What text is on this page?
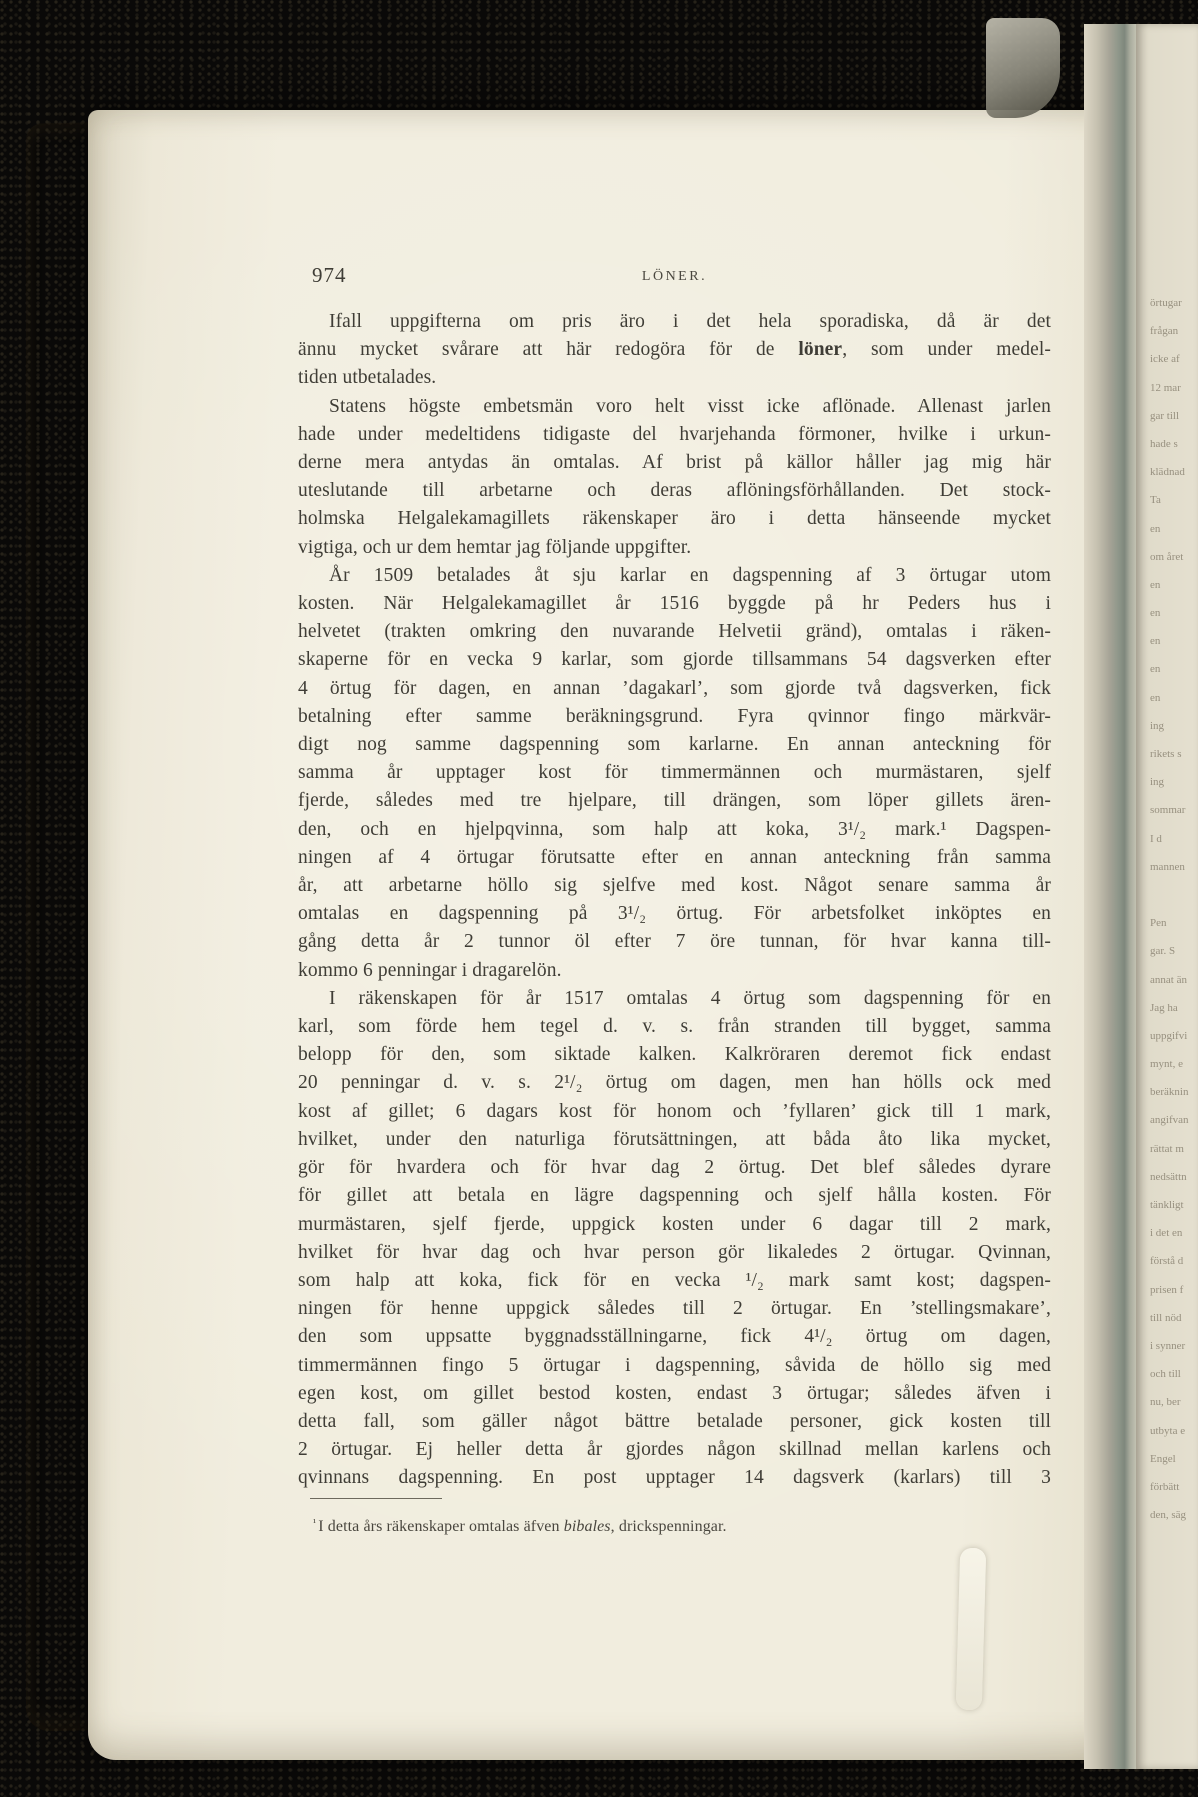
örtugar
frågan
icke af
12 mar
gar till
hade s
klädnad
Ta
en
om året
en
en
en
en
en
ing
rikets s
ing
sommar
I d
mannen
Pen
gar. S
annat än
Jag ha
uppgifvi
mynt, e
beräknin
angifvan
rättat m
nedsättn
tänkligt
i det en
förstå d
prisen f
till nöd
i synner
och till
nu, ber
utbyta e
Engel
förbätt
den, säg
974	LÖNER.
Ifall uppgifterna om pris äro i det hela sporadiska, då är det
ännu mycket svårare att här redogöra för de löner, som under medel-
tiden utbetalades.
Statens högste embetsmän voro helt visst icke aflönade. Allenast jarlen
hade under medeltidens tidigaste del hvarjehanda förmoner, hvilke i urkun-
derne mera antydas än omtalas. Af brist på källor håller jag mig här
uteslutande till arbetarne och deras aflöningsförhållanden. Det stock-
holmska Helgalekamagillets räkenskaper äro i detta hänseende mycket
vigtiga, och ur dem hemtar jag följande uppgifter.
År 1509 betalades åt sju karlar en dagspenning af 3 örtugar utom
kosten. När Helgalekamagillet år 1516 byggde på hr Peders hus i
helvetet (trakten omkring den nuvarande Helvetii gränd), omtalas i räken-
skaperne för en vecka 9 karlar, som gjorde tillsammans 54 dagsverken efter
4 örtug för dagen, en annan ’dagakarl’, som gjorde två dagsverken, fick
betalning efter samme beräkningsgrund. Fyra qvinnor fingo märkvär-
digt nog samme dagspenning som karlarne. En annan anteckning för
samma år upptager kost för timmermännen och murmästaren, sjelf
fjerde, således med tre hjelpare, till drängen, som löper gillets ären-
den, och en hjelpqvinna, som halp att koka, 3¹/₂ mark.¹ Dagspen-
ningen af 4 örtugar förutsatte efter en annan anteckning från samma
år, att arbetarne höllo sig sjelfve med kost. Något senare samma år
omtalas en dagspenning på 3¹/₂ örtug. För arbetsfolket inköptes en
gång detta år 2 tunnor öl efter 7 öre tunnan, för hvar kanna till-
kommo 6 penningar i dragarelön.
I räkenskapen för år 1517 omtalas 4 örtug som dagspenning för en
karl, som förde hem tegel d. v. s. från stranden till bygget, samma
belopp för den, som siktade kalken. Kalkröraren deremot fick endast
20 penningar d. v. s. 2¹/₂ örtug om dagen, men han hölls ock med
kost af gillet; 6 dagars kost för honom och ’fyllaren’ gick till 1 mark,
hvilket, under den naturliga förutsättningen, att båda åto lika mycket,
gör för hvardera och för hvar dag 2 örtug. Det blef således dyrare
för gillet att betala en lägre dagspenning och sjelf hålla kosten. För
murmästaren, sjelf fjerde, uppgick kosten under 6 dagar till 2 mark,
hvilket för hvar dag och hvar person gör likaledes 2 örtugar. Qvinnan,
som halp att koka, fick för en vecka ¹/₂ mark samt kost; dagspen-
ningen för henne uppgick således till 2 örtugar. En ’stellingsmakare’,
den som uppsatte byggnadsställningarne, fick 4¹/₂ örtug om dagen,
timmermännen fingo 5 örtugar i dagspenning, såvida de höllo sig med
egen kost, om gillet bestod kosten, endast 3 örtugar; således äfven i
detta fall, som gäller något bättre betalade personer, gick kosten till
2 örtugar. Ej heller detta år gjordes någon skillnad mellan karlens och
qvinnans dagspenning. En post upptager 14 dagsverk (karlars) till 3
$^{^1}$ I detta års räkenskaper omtalas äfven bibales, drickspenningar.
